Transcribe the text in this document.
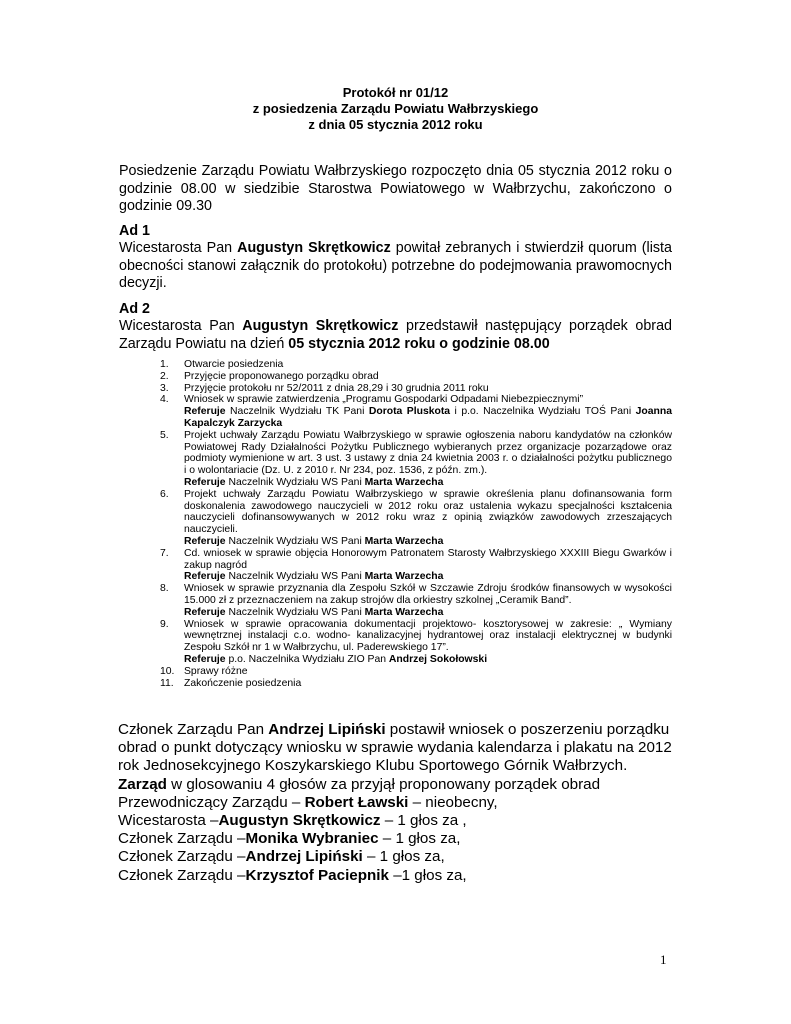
Protokół nr 01/12
z posiedzenia Zarządu Powiatu Wałbrzyskiego
z dnia 05 stycznia 2012 roku
Posiedzenie Zarządu Powiatu Wałbrzyskiego rozpoczęto dnia 05 stycznia 2012 roku o godzinie 08.00 w siedzibie Starostwa Powiatowego w Wałbrzychu, zakończono o godzinie 09.30
Ad 1
Wicestarosta Pan Augustyn Skrętkowicz powitał zebranych i stwierdził quorum (lista obecności stanowi załącznik do protokołu) potrzebne do podejmowania prawomocnych decyzji.
Ad 2
Wicestarosta Pan Augustyn Skrętkowicz przedstawił następujący porządek obrad Zarządu Powiatu na dzień 05 stycznia 2012 roku o godzinie 08.00
1. Otwarcie posiedzenia
2. Przyjęcie proponowanego porządku obrad
3. Przyjęcie protokołu nr 52/2011 z dnia 28,29 i 30 grudnia 2011 roku
4. Wniosek w sprawie zatwierdzenia „Programu Gospodarki Odpadami Niebezpiecznymi”
Referuje Naczelnik Wydziału TK Pani Dorota Pluskota i p.o. Naczelnika Wydziału TOŚ Pani Joanna Kapalczyk Zarzycka
5. Projekt uchwały Zarządu Powiatu Wałbrzyskiego w sprawie ogłoszenia naboru kandydatów na członków Powiatowej Rady Działalności Pożytku Publicznego wybieranych przez organizacje pozarządowe oraz podmioty wymienione w art. 3 ust. 3 ustawy z dnia 24 kwietnia 2003 r. o działalności pożytku publicznego i o wolontariacie (Dz. U. z 2010 r. Nr 234, poz. 1536, z późn. zm.).
Referuje Naczelnik Wydziału WS Pani Marta Warzecha
6. Projekt uchwały Zarządu Powiatu Wałbrzyskiego w sprawie określenia planu dofinansowania form doskonalenia zawodowego nauczycieli w 2012 roku oraz ustalenia wykazu specjalności kształcenia nauczycieli dofinansowywanych w 2012 roku wraz z opinią związków zawodowych zrzeszających nauczycieli.
Referuje Naczelnik Wydziału WS Pani Marta Warzecha
7. Cd. wniosek w sprawie objęcia Honorowym Patronatem Starosty Wałbrzyskiego XXXIII Biegu Gwarków i zakup nagród
Referuje Naczelnik Wydziału WS Pani Marta Warzecha
8. Wniosek w sprawie przyznania dla Zespołu Szkół w Szczawie Zdroju środków finansowych w wysokości 15.000 zł z przeznaczeniem na zakup strojów dla orkiestry szkolnej „Ceramik Band”.
Referuje Naczelnik Wydziału WS Pani Marta Warzecha
9. Wniosek w sprawie opracowania dokumentacji projektowo- kosztorysowej w zakresie: „ Wymiany wewnętrznej instalacji c.o. wodno- kanalizacyjnej hydrantowej oraz instalacji elektrycznej w budynki Zespołu Szkół nr 1 w Wałbrzychu, ul. Paderewskiego 17”.
Referuje p.o. Naczelnika Wydziału ZIO Pan Andrzej Sokołowski
10. Sprawy różne
11. Zakończenie posiedzenia
Członek Zarządu Pan Andrzej Lipiński postawił wniosek o poszerzeniu porządku obrad o punkt dotyczący wniosku w sprawie wydania kalendarza i plakatu na 2012 rok Jednosekcyjnego Koszykarskiego Klubu Sportowego Górnik Wałbrzych.
Zarząd w glosowaniu 4 głosów za przyjął proponowany porządek obrad
Przewodniczący Zarządu – Robert Ławski – nieobecny,
Wicestarosta –Augustyn Skrętkowicz – 1 głos za ,
Członek Zarządu –Monika Wybraniec – 1 głos za,
Członek Zarządu –Andrzej Lipiński – 1 głos za,
Członek Zarządu –Krzysztof Paciepnik –1 głos za,
1
